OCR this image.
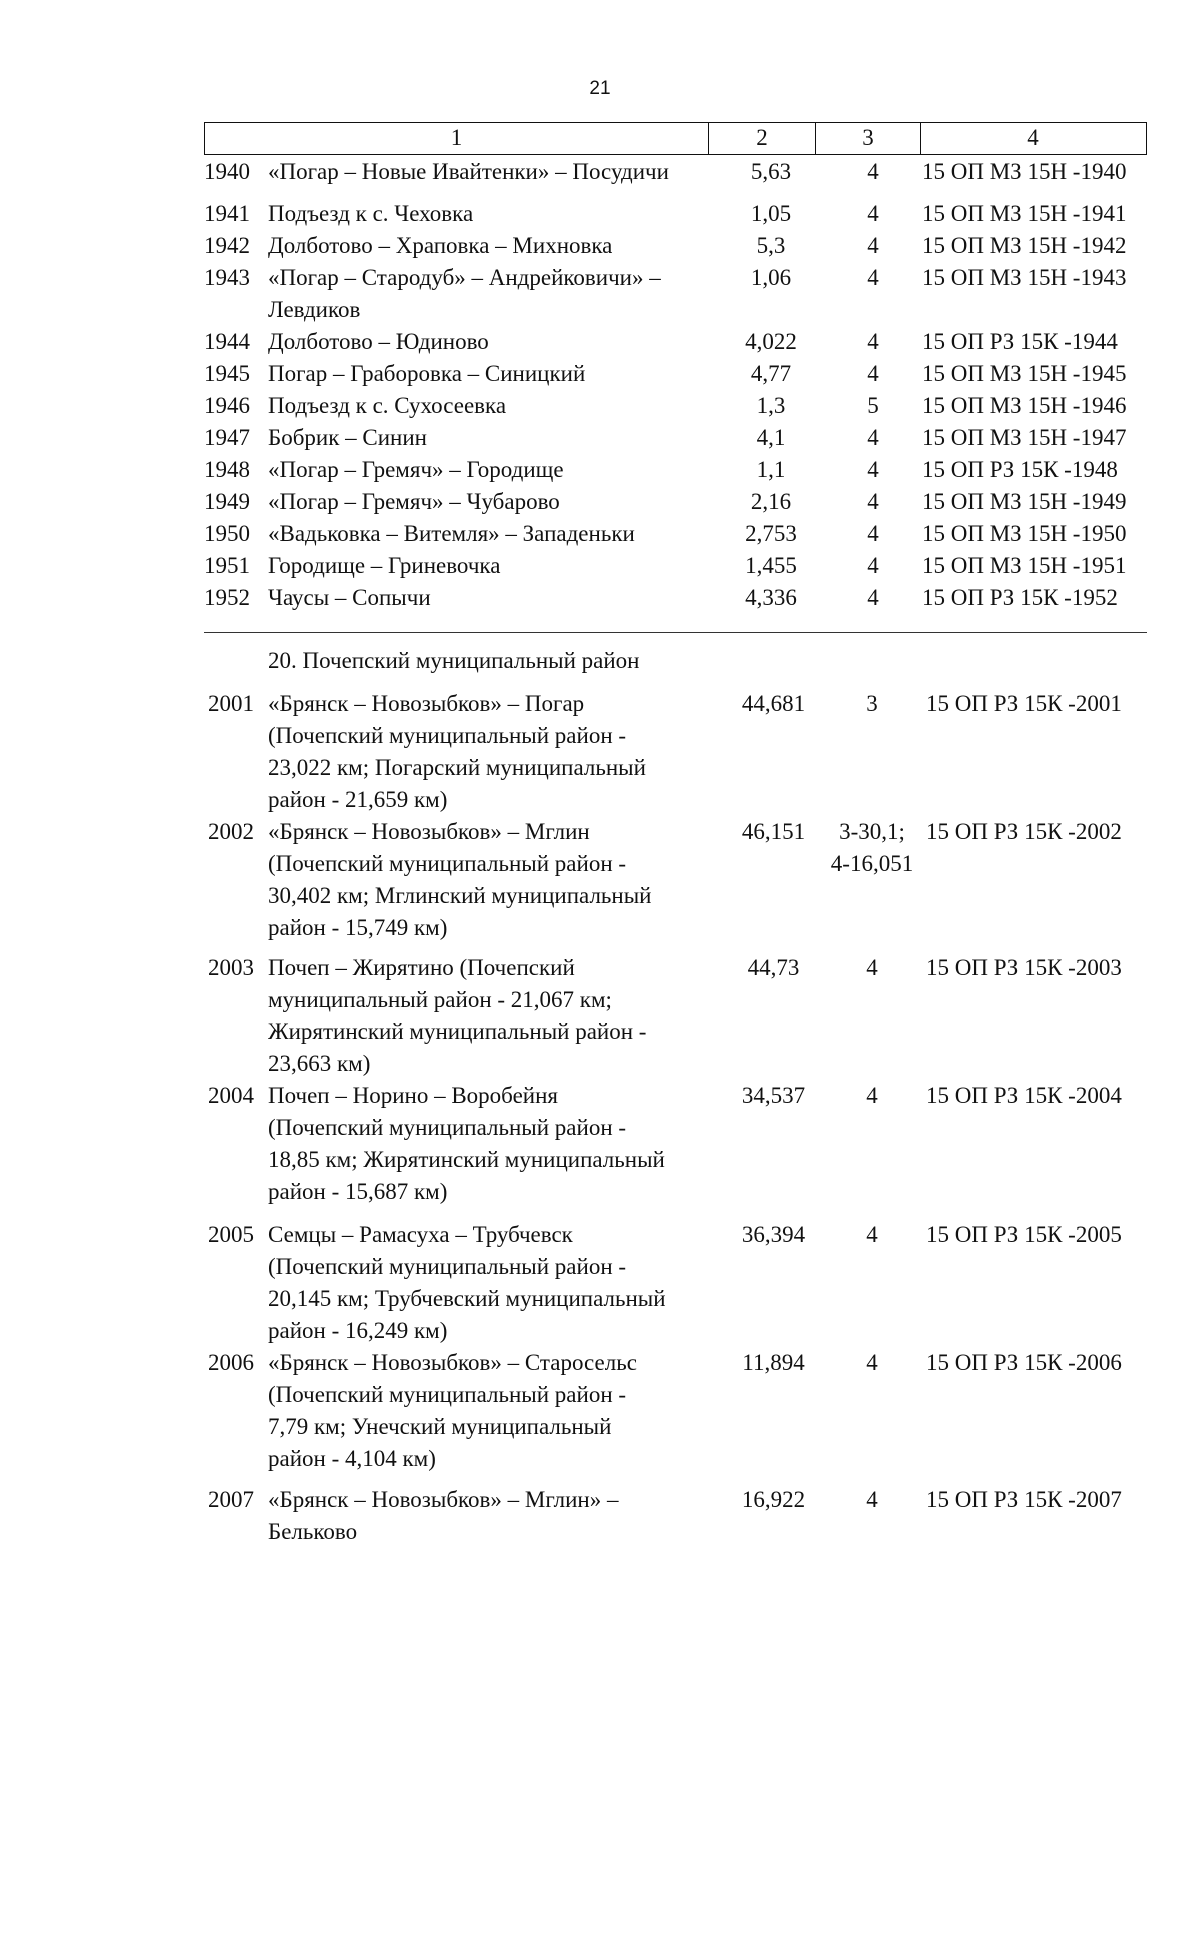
21
1	2	3	4
1940 «Погар – Новые Ивайтенки» – Посудичи	5,63	4	15 ОП МЗ 15Н -1940
1941 Подъезд к с. Чеховка	1,05	4	15 ОП МЗ 15Н -1941
1942 Долботово – Храповка – Михновка	5,3	4	15 ОП МЗ 15Н -1942
1943 «Погар – Стародуб» – Андрейковичи» –
Левдиков
1,06	4	15 ОП МЗ 15Н -1943
1944 Долботово – Юдиново	4,022	4	15 ОП РЗ 15К -1944
1945 Погар – Граборовка – Синицкий	4,77	4	15 ОП МЗ 15Н -1945
1946 Подъезд к с. Сухосеевка	1,3	5	15 ОП МЗ 15Н -1946
1947 Бобрик – Синин	4,1	4	15 ОП МЗ 15Н -1947
1948 «Погар – Гремяч» – Городище	1,1	4	15 ОП РЗ 15К -1948
1949 «Погар – Гремяч» – Чубарово	2,16	4	15 ОП МЗ 15Н -1949
1950 «Вадьковка – Витемля» – Западеньки	2,753	4	15 ОП МЗ 15Н -1950
1951 Городище – Гриневочка	1,455	4	15 ОП МЗ 15Н -1951
1952 Чаусы – Сопычи	4,336	4	15 ОП РЗ 15К -1952
20. Почепский муниципальный район
2001 «Брянск – Новозыбков» – Погар
(Почепский муниципальный район -
23,022 км; Погарский муниципальный
район - 21,659 км)
44,681	3	15 ОП РЗ 15К -2001
2002 «Брянск – Новозыбков» – Мглин
(Почепский муниципальный район -
30,402 км; Мглинский муниципальный
район - 15,749 км)
46,151	3-30,1;
4-16,051
15 ОП РЗ 15К -2002
2003 Почеп – Жирятино (Почепский
муниципальный район - 21,067 км;
Жирятинский муниципальный район -
23,663 км)
44,73	4	15 ОП РЗ 15К -2003
2004 Почеп – Норино – Воробейня
(Почепский муниципальный район -
18,85 км; Жирятинский муниципальный
район - 15,687 км)
34,537	4	15 ОП РЗ 15К -2004
2005 Семцы – Рамасуха – Трубчевск
(Почепский муниципальный район -
20,145 км; Трубчевский муниципальный
район - 16,249 км)
36,394	4	15 ОП РЗ 15К -2005
2006 «Брянск – Новозыбков» – Старосельс
(Почепский муниципальный район -
7,79 км; Унечский муниципальный
район - 4,104 км)
11,894	4	15 ОП РЗ 15К -2006
2007 «Брянск – Новозыбков» – Мглин» –
Бельково
16,922	4	15 ОП РЗ 15К -2007
